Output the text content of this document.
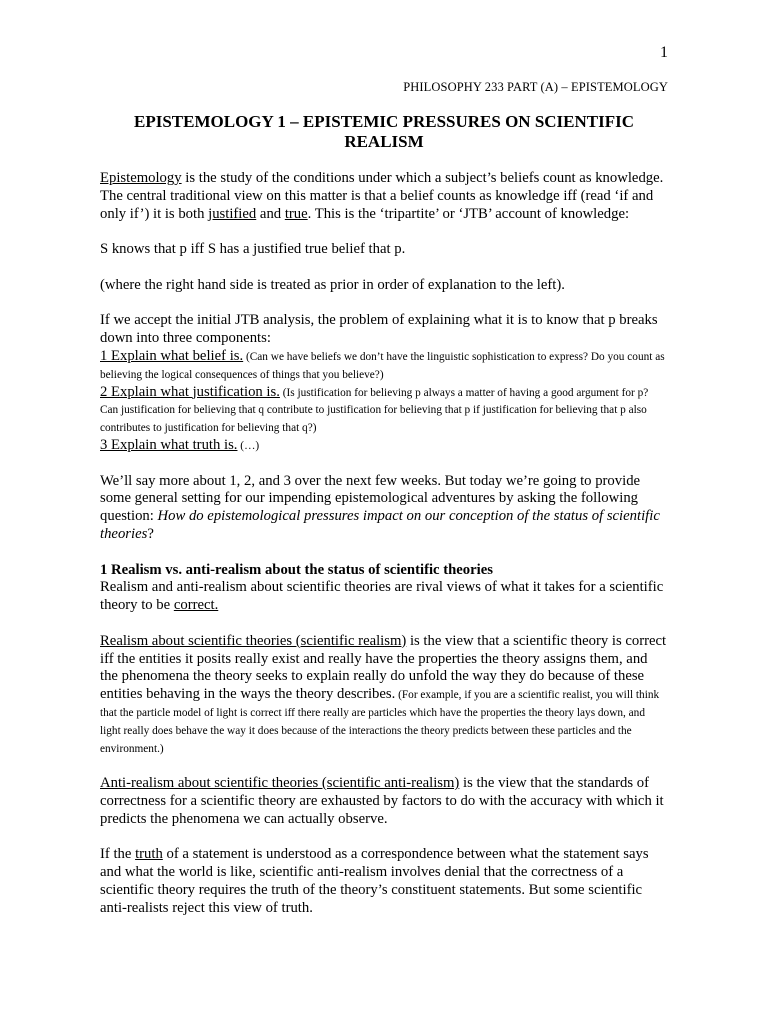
1
PHILOSOPHY 233 PART (A) – EPISTEMOLOGY
EPISTEMOLOGY 1 – EPISTEMIC PRESSURES ON SCIENTIFIC REALISM

Epistemology is the study of the conditions under which a subject’s beliefs count as knowledge. The central traditional view on this matter is that a belief counts as knowledge iff (read ‘if and only if’) it is both justified and true. This is the ‘tripartite’ or ‘JTB’ account of knowledge:

S knows that p iff S has a justified true belief that p.

(where the right hand side is treated as prior in order of explanation to the left).

If we accept the initial JTB analysis, the problem of explaining what it is to know that p breaks down into three components:

1 Explain what belief is. (Can we have beliefs we don’t have the linguistic sophistication to express? Do you count as believing the logical consequences of things that you believe?)

2 Explain what justification is. (Is justification for believing p always a matter of having a good argument for p? Can justification for believing that q contribute to justification for believing that p if justification for believing that p also contributes to justification for believing that q?)

3 Explain what truth is. (…)

We’ll say more about 1, 2, and 3 over the next few weeks. But today we’re going to provide some general setting for our impending epistemological adventures by asking the following question: How do epistemological pressures impact on our conception of the status of scientific theories?

1 Realism vs. anti-realism about the status of scientific theories

Realism and anti-realism about scientific theories are rival views of what it takes for a scientific theory to be correct.

Realism about scientific theories (scientific realism) is the view that a scientific theory is correct iff the entities it posits really exist and really have the properties the theory assigns them, and the phenomena the theory seeks to explain really do unfold the way they do because of these entities behaving in the ways the theory describes. (For example, if you are a scientific realist, you will think that the particle model of light is correct iff there really are particles which have the properties the theory lays down, and light really does behave the way it does because of the interactions the theory predicts between these particles and the environment.)

Anti-realism about scientific theories (scientific anti-realism) is the view that the standards of correctness for a scientific theory are exhausted by factors to do with the accuracy with which it predicts the phenomena we can actually observe.

If the truth of a statement is understood as a correspondence between what the statement says and what the world is like, scientific anti-realism involves denial that the correctness of a scientific theory requires the truth of the theory’s constituent statements. But some scientific anti-realists reject this view of truth.
